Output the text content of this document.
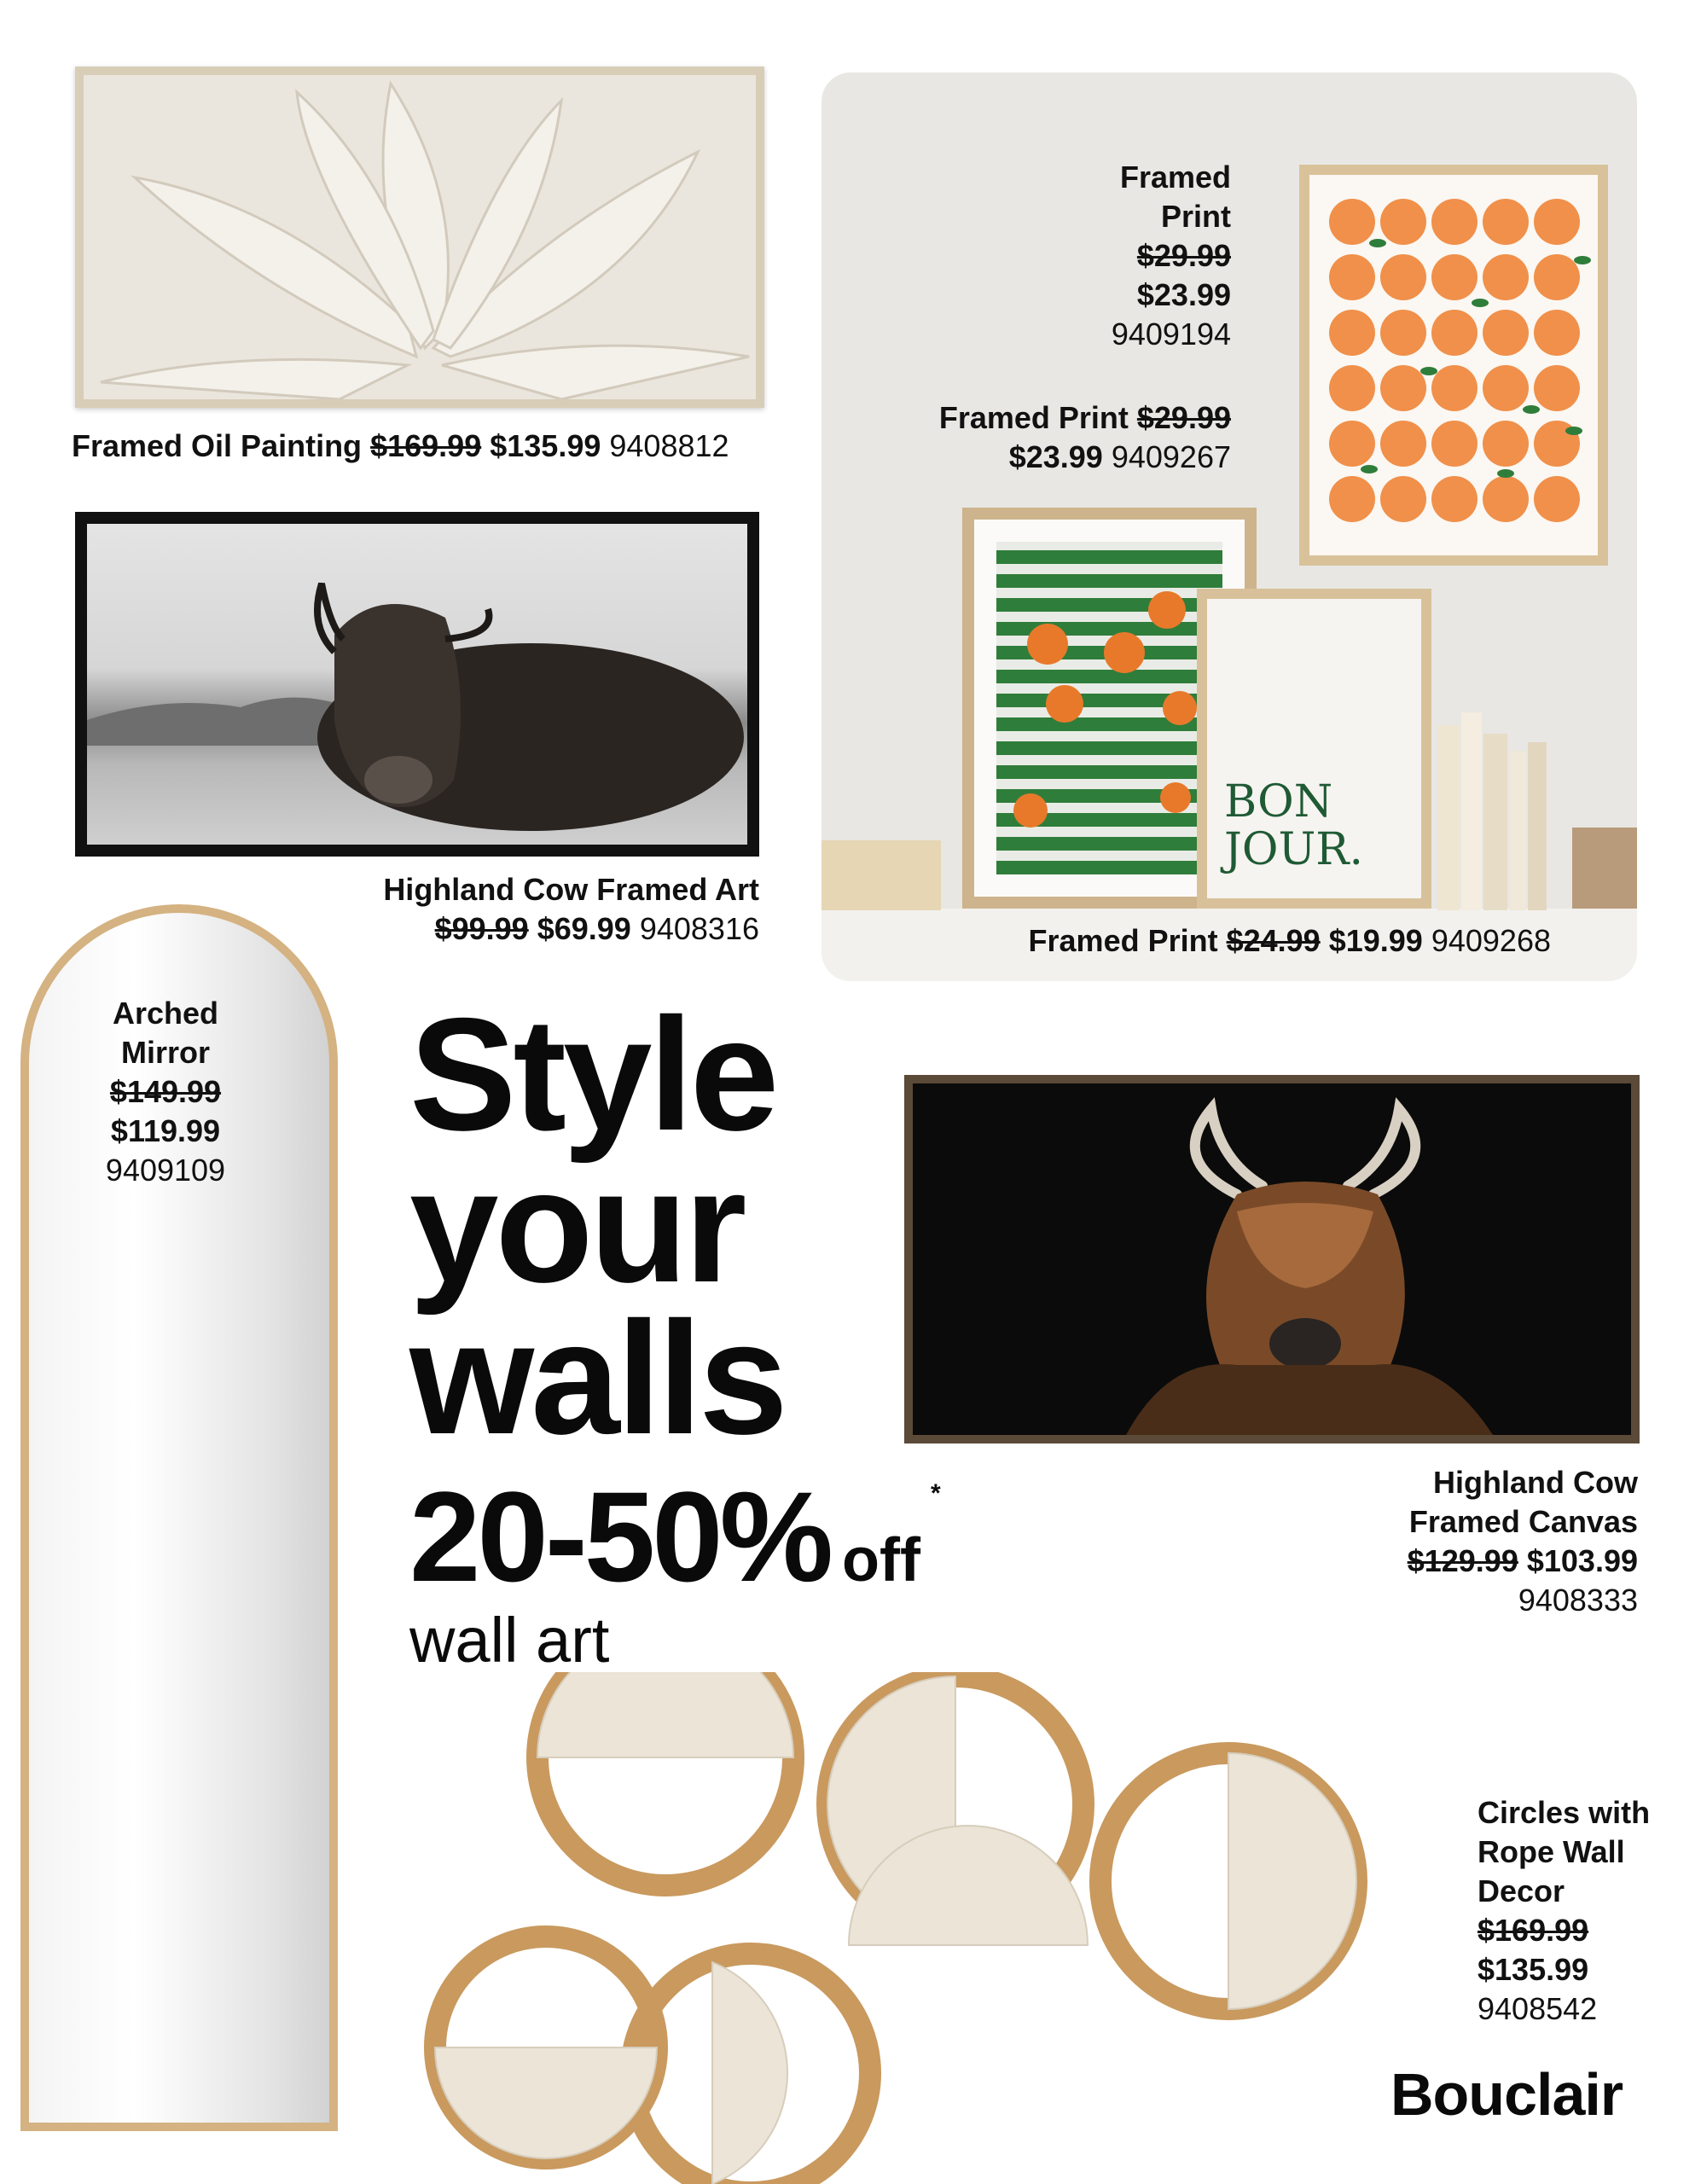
Framed Oil Painting $169.99 $135.99 9408812
Highland Cow Framed Art
$99.99 $69.99 9408316
BON
JOUR.
Framed Print
$29.99 $23.99
9409194
Framed Print $29.99
$23.99 9409267
Framed Print $24.99 $19.99 9409268
Arched
Mirror
$149.99
$119.99
9409109
Style
your
walls
20-50% off*
wall art
Highland Cow
Framed Canvas
$129.99 $103.99
9408333
Circles with
Rope Wall
Decor
$169.99
$135.99
9408542
Bouclair
